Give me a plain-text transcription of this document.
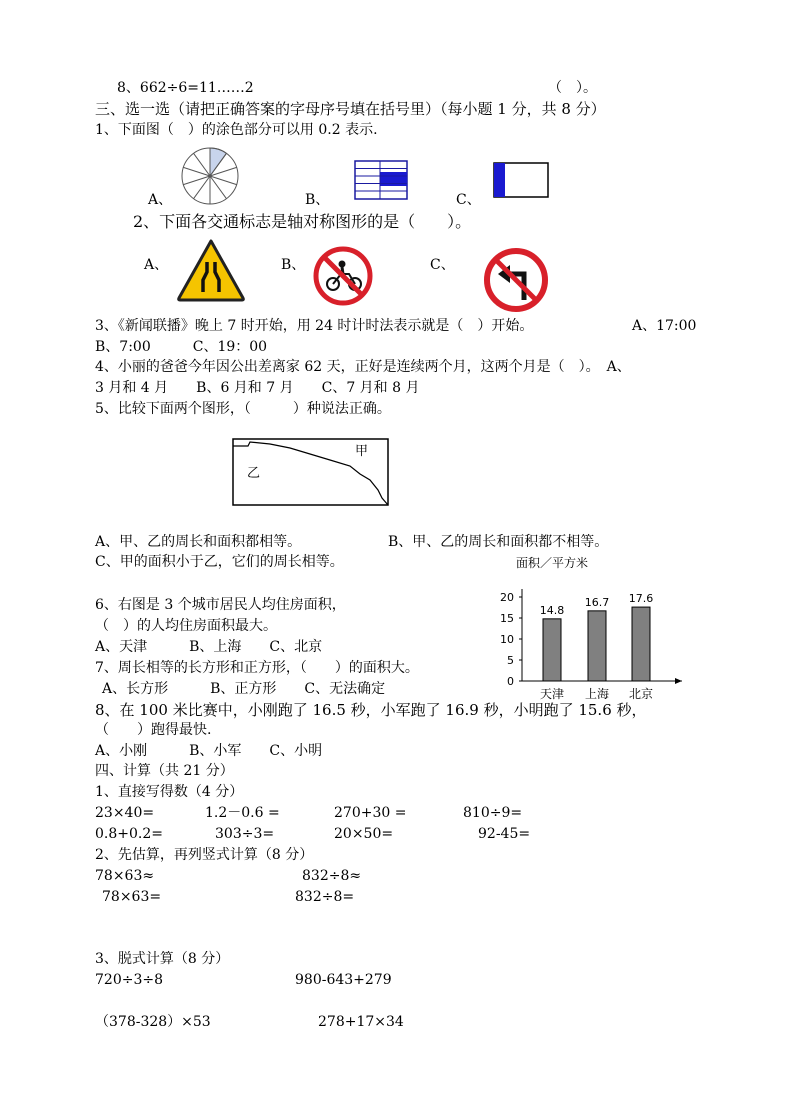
8、662÷6=11……2	（　）。
三、选一选（请把正确答案的字母序号填在括号里）（每小题 1 分，共 8 分）
1、下面图（　）的涂色部分可以用 0.2 表示.
A、	B、	C、
2、下面各交通标志是轴对称图形的是（　　）。
A、	B、	C、
3、《新闻联播》晚上 7 时开始，用 24 时计时法表示就是（　）开始。	A、17:00
B、7:00　　　C、19：00
4、小丽的爸爸今年因公出差离家 62 天，正好是连续两个月，这两个月是（　）。　A、
3 月和 4 月　　B、6 月和 7 月　　C、7 月和 8 月
5、比较下面两个图形，（　　　）种说法正确。
甲
乙
A、甲、乙的周长和面积都相等。	B、甲、乙的周长和面积都不相等。
C、甲的面积小于乙，它们的周长相等。	面积／平方米
20
15
10
5
0
14.8
天津
16.7
上海
17.6
北京
6、右图是 3 个城市居民人均住房面积，
（　）的人均住房面积最大。
A、天津　　　B、上海　　C、北京
7、周长相等的长方形和正方形，（　　）的面积大。
A、长方形　　　B、正方形　　C、无法确定
8、在 100 米比赛中，小刚跑了 16.5 秒，小军跑了 16.9 秒，小明跑了 15.6 秒，
（　　）跑得最快.
A、小刚　　　B、小军　　C、小明
四、计算（共 21 分）
1、直接写得数（4 分）
23×40=	1.2－0.6 =	270+30 =	810÷9=
0.8+0.2=	303÷3=	20×50=	92-45=
2、先估算，再列竖式计算（8 分）
78×63≈	832÷8≈
78×63=	832÷8=
3、脱式计算（8 分）
720÷3÷8	980-643+279
（378-328）×53	278+17×34
